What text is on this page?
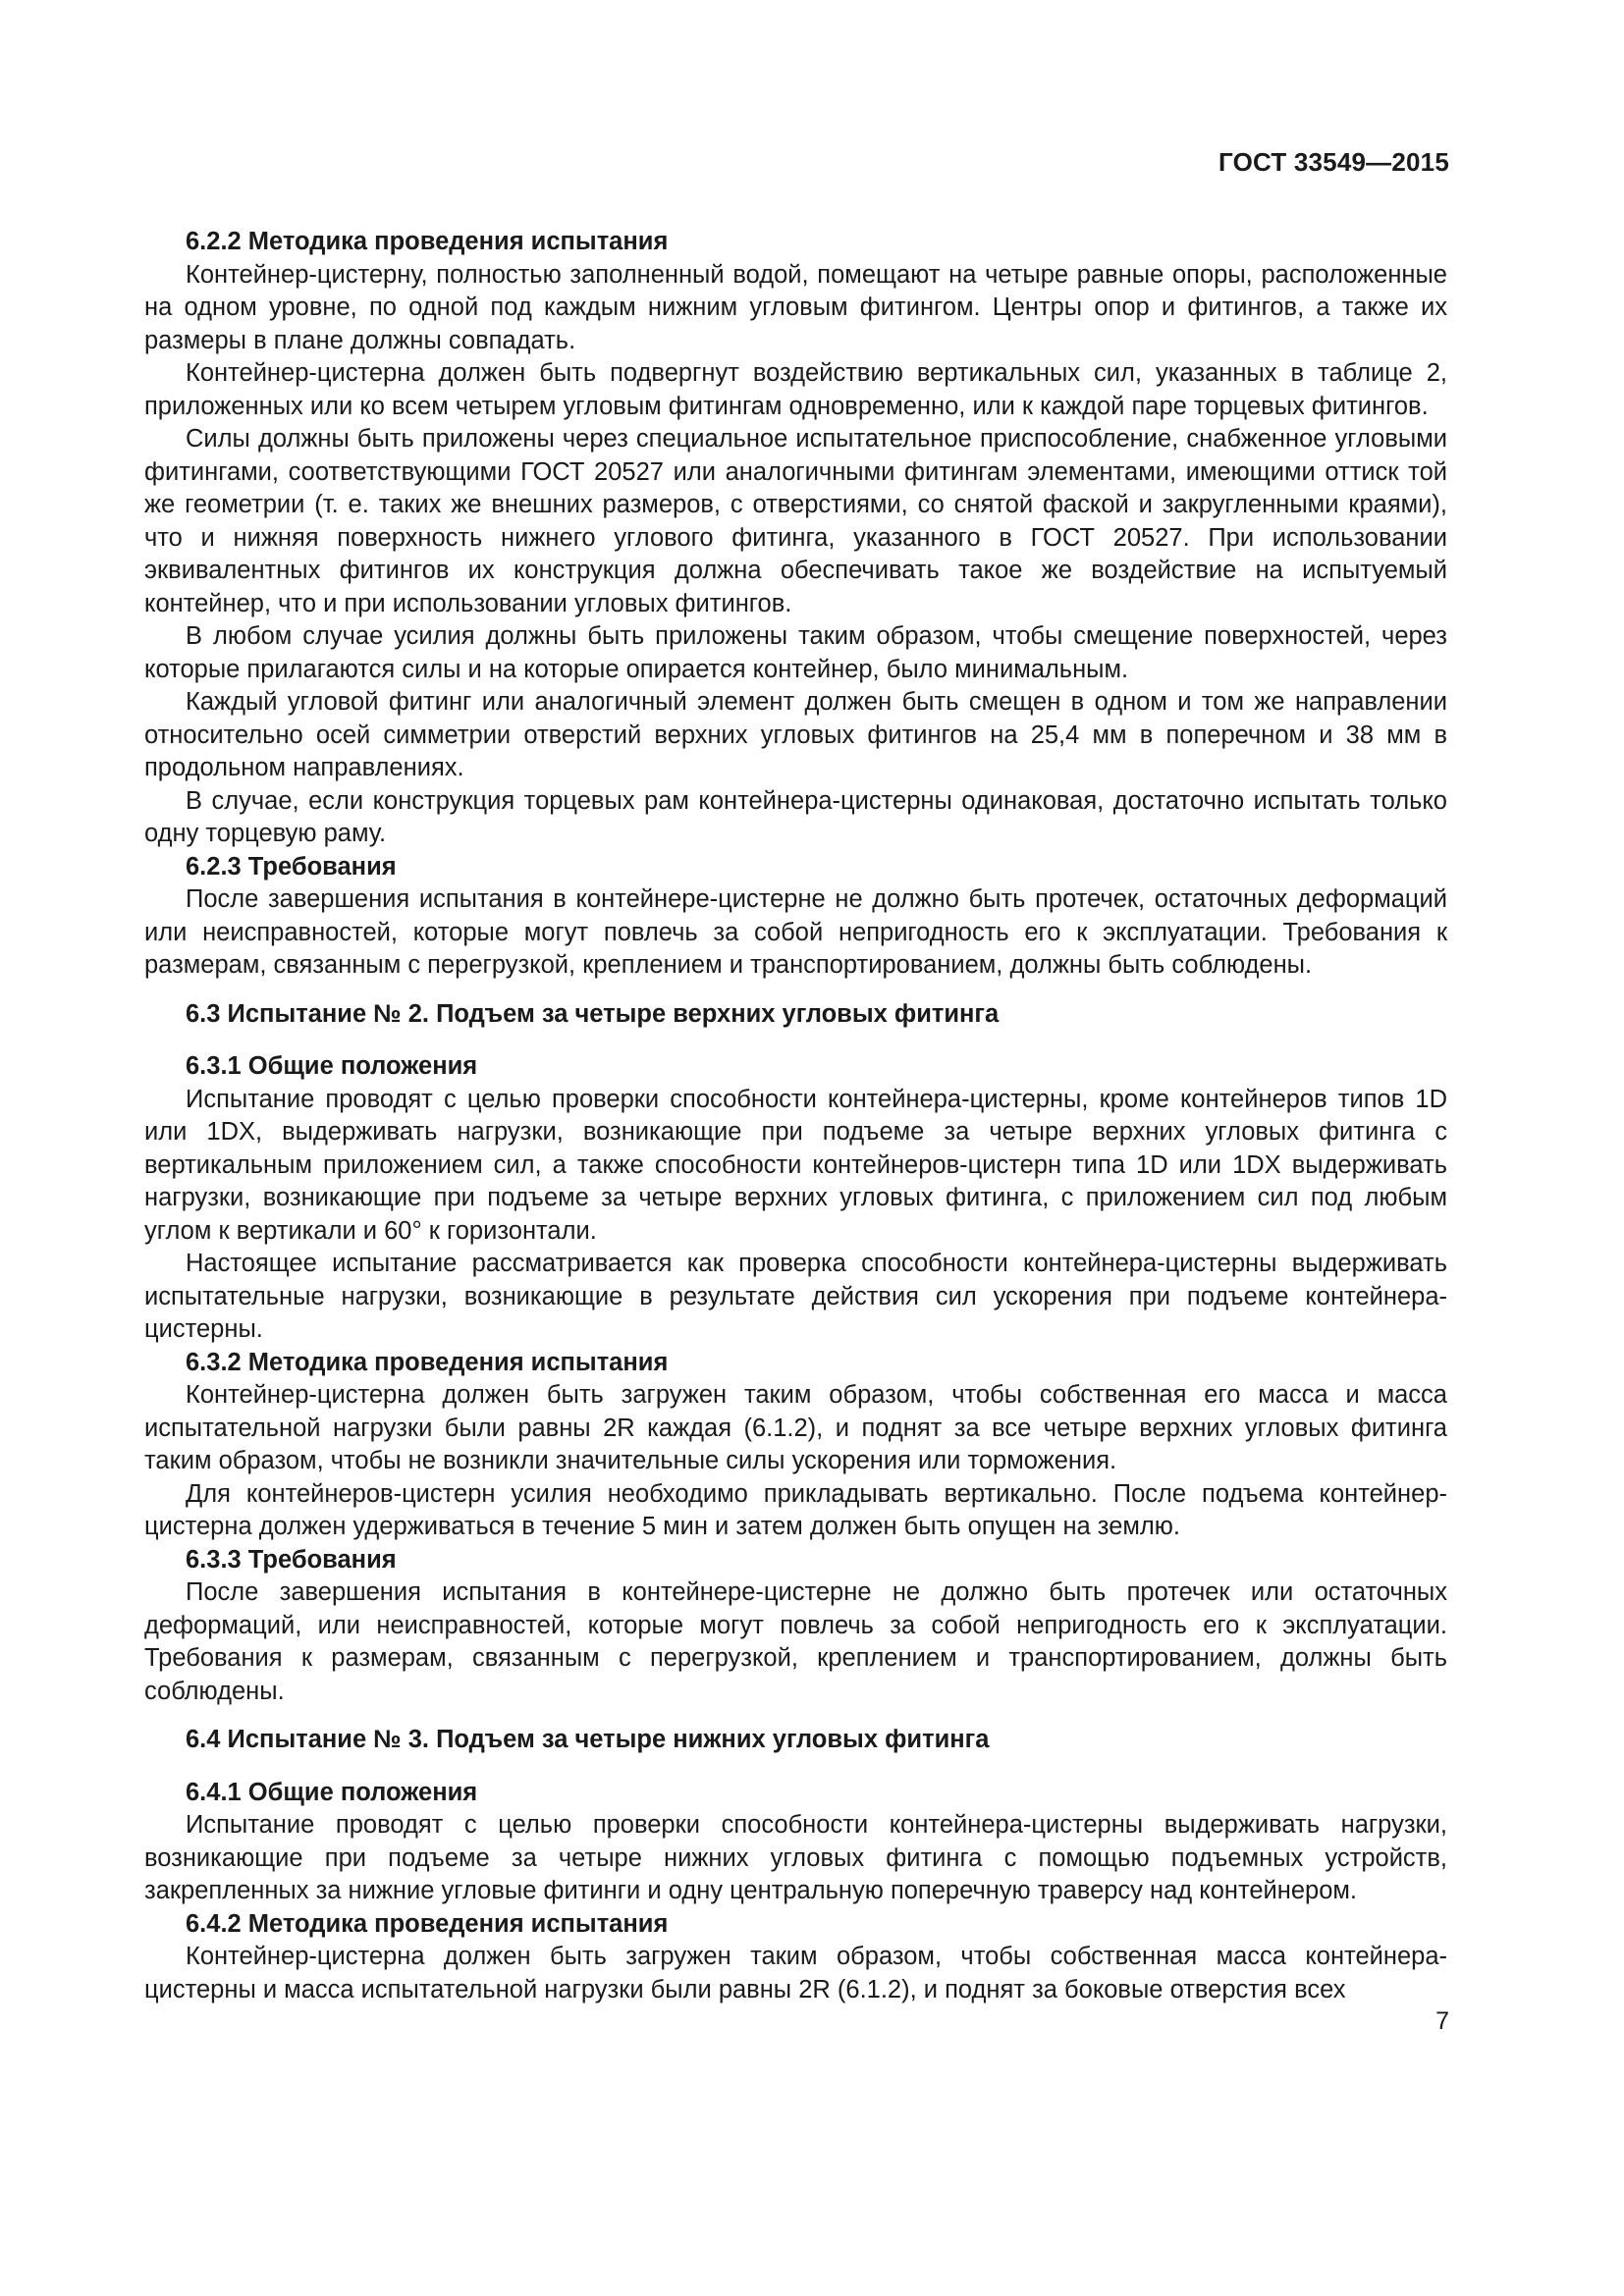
ГОСТ 33549—2015

6.2.2 Методика проведения испытания

Контейнер-цистерну, полностью заполненный водой, помещают на четыре равные опоры, расположенные на одном уровне, по одной под каждым нижним угловым фитингом. Центры опор и фитингов, а также их размеры в плане должны совпадать.

Контейнер-цистерна должен быть подвергнут воздействию вертикальных сил, указанных в таблице 2, приложенных или ко всем четырем угловым фитингам одновременно, или к каждой паре торцевых фитингов.

Силы должны быть приложены через специальное испытательное приспособление, снабженное угловыми фитингами, соответствующими ГОСТ 20527 или аналогичными фитингам элементами, имеющими оттиск той же геометрии (т. е. таких же внешних размеров, с отверстиями, со снятой фаской и закругленными краями), что и нижняя поверхность нижнего углового фитинга, указанного в ГОСТ 20527. При использовании эквивалентных фитингов их конструкция должна обеспечивать такое же воздействие на испытуемый контейнер, что и при использовании угловых фитингов.

В любом случае усилия должны быть приложены таким образом, чтобы смещение поверхностей, через которые прилагаются силы и на которые опирается контейнер, было минимальным.

Каждый угловой фитинг или аналогичный элемент должен быть смещен в одном и том же направлении относительно осей симметрии отверстий верхних угловых фитингов на 25,4 мм в поперечном и 38 мм в продольном направлениях.

В случае, если конструкция торцевых рам контейнера-цистерны одинаковая, достаточно испытать только одну торцевую раму.

6.2.3 Требования

После завершения испытания в контейнере-цистерне не должно быть протечек, остаточных деформаций или неисправностей, которые могут повлечь за собой непригодность его к эксплуатации. Требования к размерам, связанным с перегрузкой, креплением и транспортированием, должны быть соблюдены.

6.3 Испытание № 2. Подъем за четыре верхних угловых фитинга

6.3.1 Общие положения

Испытание проводят с целью проверки способности контейнера-цистерны, кроме контейнеров типов 1D или 1DX, выдерживать нагрузки, возникающие при подъеме за четыре верхних угловых фитинга с вертикальным приложением сил, а также способности контейнеров-цистерн типа 1D или 1DX выдерживать нагрузки, возникающие при подъеме за четыре верхних угловых фитинга, с приложением сил под любым углом к вертикали и 60° к горизонтали.

Настоящее испытание рассматривается как проверка способности контейнера-цистерны выдерживать испытательные нагрузки, возникающие в результате действия сил ускорения при подъеме контейнера-цистерны.

6.3.2 Методика проведения испытания

Контейнер-цистерна должен быть загружен таким образом, чтобы собственная его масса и масса испытательной нагрузки были равны 2R каждая (6.1.2), и поднят за все четыре верхних угловых фитинга таким образом, чтобы не возникли значительные силы ускорения или торможения.

Для контейнеров-цистерн усилия необходимо прикладывать вертикально. После подъема контейнер-цистерна должен удерживаться в течение 5 мин и затем должен быть опущен на землю.

6.3.3 Требования

После завершения испытания в контейнере-цистерне не должно быть протечек или остаточных деформаций, или неисправностей, которые могут повлечь за собой непригодность его к эксплуатации. Требования к размерам, связанным с перегрузкой, креплением и транспортированием, должны быть соблюдены.

6.4 Испытание № 3. Подъем за четыре нижних угловых фитинга

6.4.1 Общие положения

Испытание проводят с целью проверки способности контейнера-цистерны выдерживать нагрузки, возникающие при подъеме за четыре нижних угловых фитинга с помощью подъемных устройств, закрепленных за нижние угловые фитинги и одну центральную поперечную траверсу над контейнером.

6.4.2 Методика проведения испытания

Контейнер-цистерна должен быть загружен таким образом, чтобы собственная масса контейнера-цистерны и масса испытательной нагрузки были равны 2R (6.1.2), и поднят за боковые отверстия всех

7
